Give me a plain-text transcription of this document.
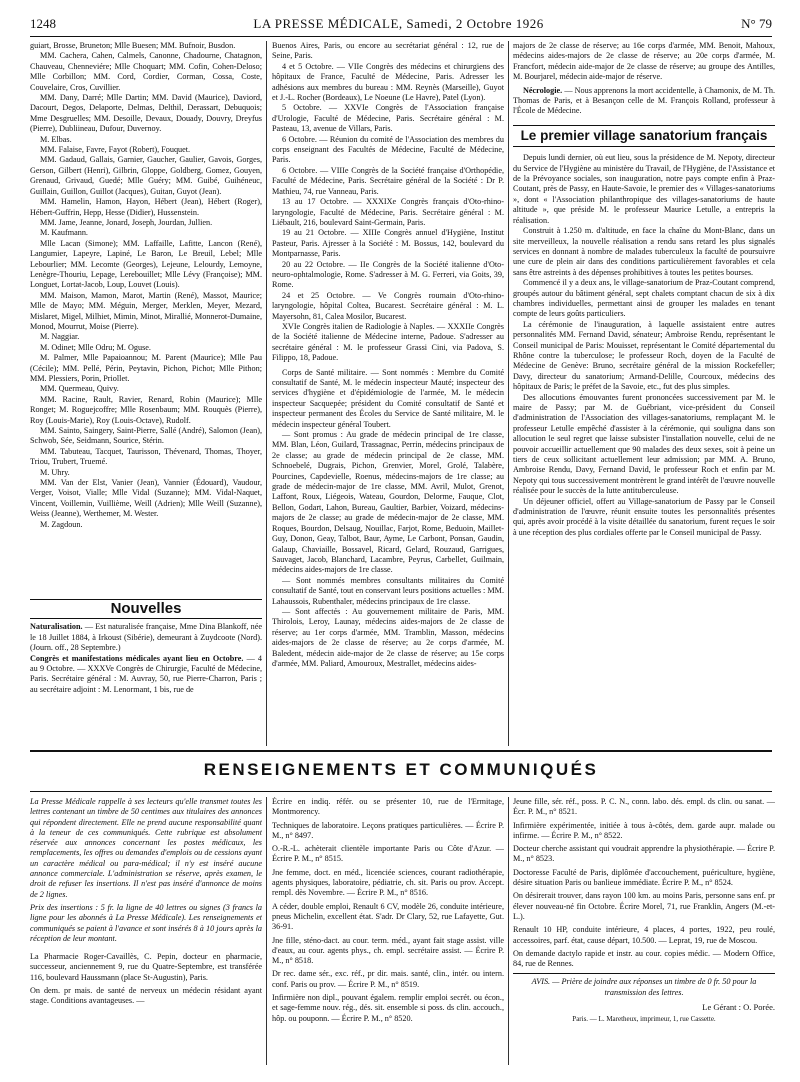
1248	LA PRESSE MÉDICALE, Samedi, 2 Octobre 1926	N° 79

guiart, Brosse, Bruneton; Mlle Buesen; MM. Bufnoir, Busdon.

MM. Cachera, Cahen, Calmels, Canonne, Chadourne, Chatagnon, Chauveau, Chenneviére; Mlle Choquart; MM. Cofin, Cohen-Deloso; Mlle Corbillon; MM. Cord, Cordier, Corman, Cossa, Coste, Couvelaire, Cros, Cuvillier.

MM. Dany, Darré; Mlle Dartin; MM. David (Maurice), Daviord, Dacourt, Degos, Delaporte, Delmas, Delthil, Derassart, Debuquois; Mme Desgruelles; MM. Desoille, Devaux, Douady, Douvry, Dreyfus (Pierre), Dubliineau, Dufour, Duvernoy.

M. Elbas.

MM. Falaise, Favre, Fayot (Robert), Fouquet.

MM. Gadaud, Gallais, Garnier, Gaucher, Gaulier, Gavois, Gorges, Gerson, Gilbert (Henri), Gilbrin, Gloppe, Goldberg, Gomez, Gouyen, Grenaud, Grivaud, Guedé; Mlle Guéry; MM. Guibé, Guihéneuc, Guillain, Guillon, Guillot (Jacques), Guitan, Guyot (Jean).

MM. Hamelin, Hamon, Hayon, Hébert (Jean), Hébert (Roger), Hébert-Guffrin, Hepp, Hesse (Didier), Hussenstein.

MM. Jame, Jeanne, Jonard, Joseph, Jourdan, Jullien.

M. Kaufmann.

Mlle Lacan (Simone); MM. Laffaille, Lafitte, Lancon (René), Langumier, Lapeyre, Lapiné, Le Baron, Le Breuil, Lebel; Mlle Lebourlier; MM. Lecomte (Georges), Lejeune, Lelourdy, Lemoyne, Lenègre-Thouriu, Lepage, Lerebouillet; Mlle Lévy (Françoise); MM. Longuet, Lortat-Jacob, Loup, Louvet (Louis).

MM. Maison, Mamon, Marot, Martin (René), Massot, Maurice; Mlle de Mayo; MM. Méguin, Merger, Merklen, Meyer, Mezard, Mislaret, Migel, Milhiet, Mimin, Minot, Mirallié, Monnerot-Dumaine, Monod, Mourrut, Moise (Pierre).

M. Naggiar.

M. Odinet; Mlle Odru; M. Oguse.

M. Palmer, Mlle Papaioannou; M. Parent (Maurice); Mlle Pau (Cécile); MM. Pellé, Périn, Peytavin, Pichon, Pichot; Mlle Pithon; MM. Plessiers, Porin, Priollet.

MM. Quermeau, Quivy.

MM. Racine, Rault, Ravier, Renard, Robin (Maurice); Mlle Ronget; M. Roguejcoffre; Mlle Rosenbaum; MM. Rouquès (Pierre), Roy (Louis-Marie), Roy (Louis-Octave), Rudolf.

MM. Sainto, Saingery, Saint-Pierre, Sallé (André), Salomon (Jean), Schwob, Sée, Seidmann, Sourice, Stérin.

MM. Tabuteau, Tacquet, Taurisson, Thévenard, Thomas, Thoyer, Triou, Trubert, Truemé.

M. Uhry.

MM. Van der Elst, Vanier (Jean), Vannier (Édouard), Vaudour, Verger, Voisot, Vialle; Mlle Vidal (Suzanne); MM. Vidal-Naquet, Vincent, Voillemin, Vuillième, Weill (Adrien); Mlle Weill (Suzanne), Weiss (Jeanne), Werthemer, M. Wester.

M. Zagdoun.

Nouvelles

Naturalisation. — Est naturalisée française, Mme Dina Blankoff, née le 18 Juillet 1884, à Irkoust (Sibérie), demeurant à Zuydcoote (Nord). (Journ. off., 28 Septembre.)

Congrès et manifestations médicales ayant lieu en Octobre. — 4 au 9 Octobre. — XXXVe Congrès de Chirurgie, Faculté de Médecine, Paris. Secrétaire général : M. Auvray, 50, rue Pierre-Charron, Paris ; au secrétaire adjoint : M. Lenormant, 1 bis, rue de

Buenos Aires, Paris, ou encore au secrétariat général : 12, rue de Seine, Paris.

4 et 5 Octobre. — VIIe Congrès des médecins et chirurgiens des hôpitaux de France, Faculté de Médecine, Paris. Adresser les adhésions aux membres du bureau : MM. Reynès (Marseille), Guyot et J.-L. Rocher (Bordeaux), Le Noeune (Le Havre), Patel (Lyon).

5 Octobre. — XXVIe Congrès de l'Association française d'Urologie, Faculté de Médecine, Paris. Secrétaire général : M. Pasteau, 13, avenue de Villars, Paris.

6 Octobre. — Réunion du comité de l'Association des membres du corps enseignant des Facultés de Médecine, Faculté de Médecine, Paris.

6 Octobre. — VIIIe Congrès de la Société française d'Orthopédie, Faculté de Médecine, Paris. Secrétaire général de la Société : Dr P. Mathieu, 74, rue Vanneau, Paris.

13 au 17 Octobre. — XXXIXe Congrès français d'Oto-rhino-laryngologie, Faculté de Médecine, Paris. Secrétaire général : M. Liébault, 216, boulevard Saint-Germain, Paris.

19 au 21 Octobre. — XIIIe Congrès annuel d'Hygiène, Institut Pasteur, Paris. Ajresser à la Société : M. Bossus, 142, boulevard du Montparnasse, Paris.

20 au 22 Octobre. — IIe Congrès de la Société italienne d'Oto-neuro-ophtalmologie, Rome. S'adresser à M. G. Ferreri, via Goits, 39, Rome.

24 et 25 Octobre. — Ve Congrès roumain d'Oto-rhino-laryngologie, hôpital Coltea, Bucarest. Secrétaire général : M. L. Mayersohn, 81, Calea Mosilor, Bucarest.

XVIe Congrès italien de Radiologie à Naples. — XXXIIe Congrès de la Société italienne de Médecine interne, Padoue. S'adresser au secrétaire général : M. le professeur Grassi Cini, via Padova, S. Filippo, 18, Padoue.

Corps de Santé militaire. — Sont nommés : Membre du Comité consultatif de Santé, M. le médecin inspecteur Mauté; inspecteur des services d'hygiène et d'épidémiologie de l'armée, M. le médecin inspecteur Sacquepée; président du Comité consultatif de Santé et inspecteur permanent des Écoles du Service de Santé militaire, M. le médecin inspecteur général Toubert.

— Sont promus : Au grade de médecin principal de 1re classe, MM. Blan, Léon, Guilard, Trassagnac, Perrin, médecins principaux de 2e classe; au grade de médecin principal de 2e classe, MM. Schnoebelé, Dugrais, Pichon, Grenvier, Morel, Grolé, Talabère, Pourcines, Capdevielle, Roenus, médecins-majors de 1re classe; au grade de médecin-major de 1re classe, MM. Avril, Mulot, Grenot, Laffont, Roux, Liégeois, Wateau, Gourdon, Delorme, Fauque, Clot, Bellon, Godart, Lahon, Bureau, Gaultier, Barbier, Voizard, médecins-majors de 2e classe; au grade de médecin-major de 2e classe, MM. Roques, Bourdon, Delsaug, Nouillac, Farjot, Rome, Beduoin, Maillet-Guy, Donon, Geay, Talbot, Baur, Ayme, Le Carbont, Ponsan, Gaudin, Galaup, Chaviaille, Bossavel, Ricard, Gelard, Rouzaud, Garrigues, Sauvaget, Jacob, Blanchard, Lacambre, Peyrus, Carbellet, Guilmain, médecins aides-majors de 1re classe.

— Sont nommés membres consultants militaires du Comité consultatif de Santé, tout en conservant leurs positions actuelles : MM. Lahaussois, Rubenthaler, médecins principaux de 1re classe.

— Sont affectés : Au gouvernement militaire de Paris, MM. Thirolois, Leroy, Launay, médecins aides-majors de 2e classe de réserve; au 1er corps d'armée, MM. Tramblin, Masson, médecins aides-majors de 2e classe de réserve; au 2e corps d'armée, M. Baledent, médecin aide-major de 2e classe de réserve; au 15e corps d'armée, MM. Paliard, Amouroux, Mestrallet, médecins aides-

majors de 2e classe de réserve; au 16e corps d'armée, MM. Benoit, Mahoux, médecins aides-majors de 2e classe de réserve; au 20e corps d'armée, M. Francfort, médecin aide-major de 2e classe de réserve; au groupe des Antilles, M. Bourjarel, médecin aide-major de réserve.

Nécrologie. — Nous apprenons la mort accidentelle, à Chamonix, de M. Th. Thomas de Paris, et à Besançon celle de M. François Rolland, professeur à l'École de Médecine.

Le premier village sanatorium français

Depuis lundi dernier, où eut lieu, sous la présidence de M. Nepoty, directeur du Service de l'Hygiène au ministère du Travail, de l'Hygiène, de l'Assistance et de la Prévoyance sociales, son inauguration, notre pays compte enfin à Praz-Coutant, près de Passy, en Haute-Savoie, le premier des « Villages-sanatoriums », dont « l'Association philanthropique des villages-sanatoriums de haute altitude », que préside M. le professeur Maurice Letulle, a entrepris la réalisation.

Construit à 1.250 m. d'altitude, en face la chaîne du Mont-Blanc, dans un site merveilleux, la nouvelle réalisation a rendu sans retard les plus signalés services en donnant à nombre de malades tuberculeux la faculté de poursuivre une cure de plein air dans des conditions particulièrement favorables et cela sans être astreints à des dépenses prohibitives à toutes les petites bourses.

Commencé il y a deux ans, le village-sanatorium de Praz-Coutant comprend, groupés autour du bâtiment général, sept chalets comptant chacun de six à dix chambres individuelles, permettant ainsi de grouper les malades en tenant compte de leurs goûts particuliers.

La cérémonie de l'inauguration, à laquelle assistaient entre autres personnalités MM. Fernand David, sénateur; Ambroise Rendu, représentant le Conseil municipal de Paris: Mouisset, représentant le Comité départemental du Rhône contre la tuberculose; le professeur Roch, doyen de la Faculté de Médecine de Genève: Bruno, secrétaire général de la mission Rockefeller; Davy, directeur du sanatorium; Armand-Delille, Courcoux, médecins des hôpitaux de Paris; le préfet de la Savoie, etc., fut des plus simples.

Des allocutions émouvantes furent prononcées successivement par M. le maire de Passy; par M. de Guébriant, vice-président du Conseil d'administration de l'Association des villages-sanatoriums, remplaçant M. le professeur Letulle empêché d'assister à la cérémonie, qui souligna dans son allocution le seul regret que laisse subsister l'installation nouvelle, celui de ne pouvoir accueillir actuellement que 90 malades des deux sexes, soit à peine un tiers de ceux sollicitant actuellement leur admission; par MM. A. Bruno, Ambroise Rendu, Davy, Fernand David, le professeur Roch et enfin par M. Nepoty qui tous successivement montrèrent le grand intérêt de l'œuvre nouvelle réalisée pour le succès de la lutte antituberculeuse.

Un déjeuner officiel, offert au Village-sanatorium de Passy par le Conseil d'administration de l'œuvre, réunit ensuite toutes les personnalités présentes qui, après avoir procédé à la visite détaillée du sanatorium, furent reçues le soir à une réception des plus cordiales offerte par le Conseil municipal de Passy.

RENSEIGNEMENTS ET COMMUNIQUÉS

La Presse Médicale rappelle à ses lecteurs qu'elle transmet toutes les lettres contenant un timbre de 50 centimes aux titulaires des annonces qui répondent directement. Elle ne prend aucune responsabilité quant à la teneur de ces communiqués. Cette rubrique est absolument réservée aux annonces concernant les postes médicaux, les remplacements, les offres ou demandes d'emplois ou de cessions ayant un caractère médical ou para-médical; il n'y est inséré aucune annonce commerciale. L'administration se réserve, après examen, le droit de refuser les insertions. Il n'est pas inséré d'annonce de moins de 2 lignes.

Prix des insertions : 5 fr. la ligne de 40 lettres ou signes (3 francs la ligne pour les abonnés à La Presse Médicale). Les renseignements et communiqués se paient à l'avance et sont insérés 8 à 10 jours après la réception de leur montant.

La Pharmacie Roger-Cavaillès, C. Pepin, docteur en pharmacie, successeur, anciennement 9, rue du Quatre-Septembre, est transférée 116, boulevard Haussmann (place St-Augustin), Paris.

On dem. pr mais. de santé de nerveux un médecin résidant ayant stage. Conditions avantageuses. —

Écrire en indiq. référ. ou se présenter 10, rue de l'Ermitage, Montmorency.

Techniques de laboratoire. Leçons pratiques particulières. — Écrire P. M., n° 8497.

O.-R.-L. achèterait clientèle importante Paris ou Côte d'Azur. — Écrire P. M., n° 8515.

Jne femme, doct. en méd., licenciée sciences, courant radiothérapie, agents physiques, laboratoire, pédiatrie, ch. sit. Paris ou prov. Accept. rempl. dès Novembre. — Écrire P. M., n° 8516.

A céder, double emploi, Renault 6 CV, modèle 26, conduite intérieure, pneus Michelin, excellent état. S'adr. Dr Clary, 52, rue Lafayette, Gut. 36-91.

Jne fille, sténo-dact. au cour. term. méd., ayant fait stage assist. ville d'eaux, au cour. agents phys., ch. empl. secrétaire assist. — Écrire P. M., n° 8518.

Dr rec. dame sér., exc. réf., pr dir. mais. santé, clin., intér. ou intern. conf. Paris ou prov. — Écrire P. M., n° 8519.

Infirmière non dipl., pouvant égalem. remplir emploi secrét. ou écon., et sage-femme nouv. rég., dés. sit. ensemble si poss. ds clin. accouch., hôp. ou pouponn. — Écrire P. M., n° 8520.

Jeune fille, sér. réf., poss. P. C. N., conn. labo. dés. empl. ds clin. ou sanat. — Écr. P. M., n° 8521.

Infirmière expérimentée, initiée à tous à-côtés, dem. garde aupr. malade ou infirme. — Écrire P. M., n° 8522.

Docteur cherche assistant qui voudrait apprendre la physiothérapie. — Écrire P. M., n° 8523.

Doctoresse Faculté de Paris, diplômée d'accouchement, puériculture, hygiène, désire situation Paris ou banlieue immédiate. Écrire P. M., n° 8524.

On désirerait trouver, dans rayon 100 km. au moins Paris, personne sans enf. pr élever nouveau-né fin Octobre. Écrire Morel, 71, rue Franklin, Angers (M.-et-L.).

Renault 10 HP, conduite intérieure, 4 places, 4 portes, 1922, peu roulé, accessoires, parf. état, cause départ, 10.500. — Leprat, 19, rue de Moscou.

On demande dactylo rapide et instr. au cour. copies médic. — Modern Office, 84, rue de Rennes.

AVIS. — Prière de joindre aux réponses un timbre de 0 fr. 50 pour la transmission des lettres.

Le Gérant : O. Porée.
Paris. — L. Maretheux, imprimeur, 1, rue Cassette.
